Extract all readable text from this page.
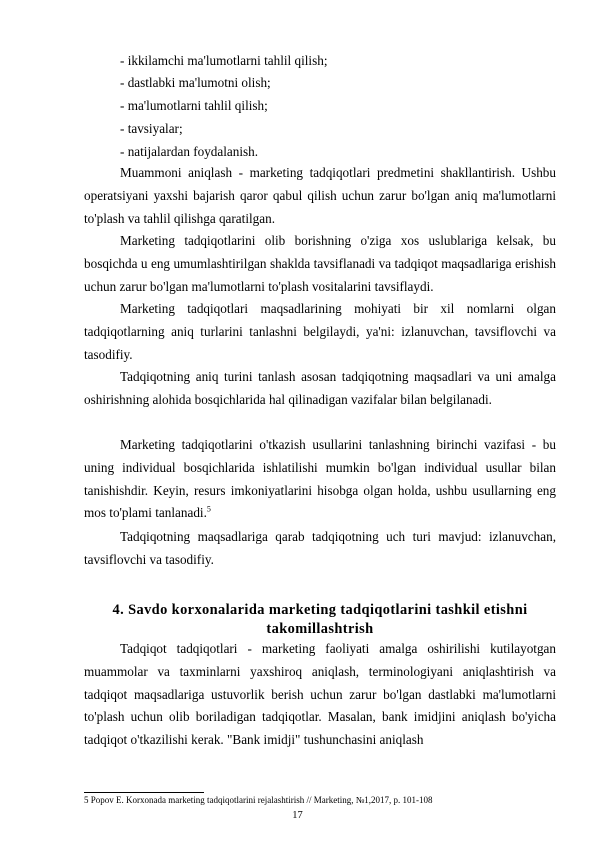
- ikkilamchi ma'lumotlarni tahlil qilish;
- dastlabki ma'lumotni olish;
- ma'lumotlarni tahlil qilish;
- tavsiyalar;
- natijalardan foydalanish.

Muammoni aniqlash - marketing tadqiqotlari predmetini shakllantirish. Ushbu operatsiyani yaxshi bajarish qaror qabul qilish uchun zarur bo'lgan aniq ma'lumotlarni to'plash va tahlil qilishga qaratilgan.

Marketing tadqiqotlarini olib borishning o'ziga xos uslublariga kelsak, bu bosqichda u eng umumlashtirilgan shaklda tavsiflanadi va tadqiqot maqsadlariga erishish uchun zarur bo'lgan ma'lumotlarni to'plash vositalarini tavsiflaydi.

Marketing tadqiqotlari maqsadlarining mohiyati bir xil nomlarni olgan tadqiqotlarning aniq turlarini tanlashni belgilaydi, ya'ni: izlanuvchan, tavsiflovchi va tasodifiy.

Tadqiqotning aniq turini tanlash asosan tadqiqotning maqsadlari va uni amalga oshirishning alohida bosqichlarida hal qilinadigan vazifalar bilan belgilanadi.

Marketing tadqiqotlarini o'tkazish usullarini tanlashning birinchi vazifasi - bu uning individual bosqichlarida ishlatilishi mumkin bo'lgan individual usullar bilan tanishishdir. Keyin, resurs imkoniyatlarini hisobga olgan holda, ushbu usullarning eng mos to'plami tanlanadi.$^5$

Tadqiqotning maqsadlariga qarab tadqiqotning uch turi mavjud: izlanuvchan, tavsiflovchi va tasodifiy.

4. Savdo korxonalarida marketing tadqiqotlarini tashkil etishni takomillashtrish

Tadqiqot tadqiqotlari - marketing faoliyati amalga oshirilishi kutilayotgan muammolar va taxminlarni yaxshiroq aniqlash, terminologiyani aniqlashtirish va tadqiqot maqsadlariga ustuvorlik berish uchun zarur bo'lgan dastlabki ma'lumotlarni to'plash uchun olib boriladigan tadqiqotlar. Masalan, bank imidjini aniqlash bo'yicha tadqiqot o'tkazilishi kerak. "Bank imidji" tushunchasini aniqlash

5 Popov E. Korxonada marketing tadqiqotlarini rejalashtirish // Marketing, №1,2017, p. 101-108
17
